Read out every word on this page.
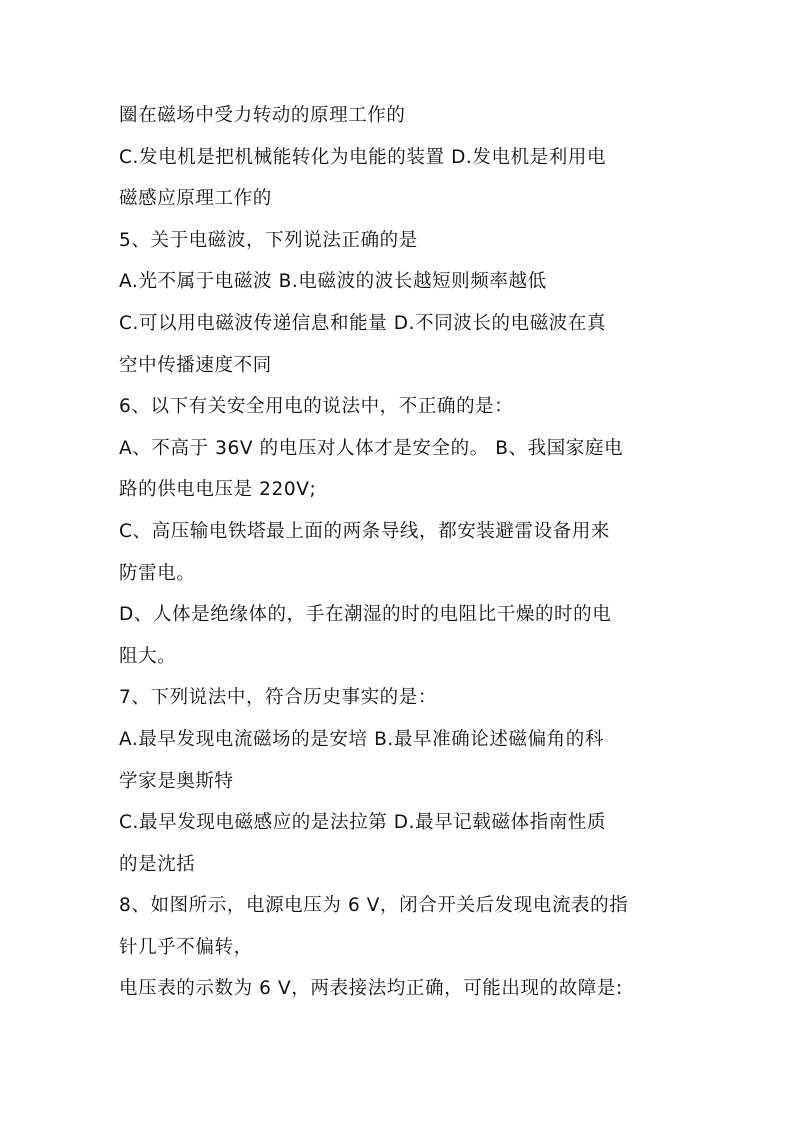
圈在磁场中受力转动的原理工作的
C.发电机是把机械能转化为电能的装置 D.发电机是利用电
磁感应原理工作的
5、关于电磁波，下列说法正确的是
A.光不属于电磁波 B.电磁波的波长越短则频率越低
C.可以用电磁波传递信息和能量 D.不同波长的电磁波在真
空中传播速度不同
6、以下有关安全用电的说法中，不正确的是：
A、不高于 36V 的电压对人体才是安全的。 B、我国家庭电
路的供电电压是 220V;
C、高压输电铁塔最上面的两条导线，都安装避雷设备用来
防雷电。
D、人体是绝缘体的，手在潮湿的时的电阻比干燥的时的电
阻大。
7、下列说法中，符合历史事实的是：
A.最早发现电流磁场的是安培 B.最早准确论述磁偏角的科
学家是奥斯特
C.最早发现电磁感应的是法拉第 D.最早记载磁体指南性质
的是沈括
8、如图所示，电源电压为 6 V，闭合开关后发现电流表的指
针几乎不偏转，
电压表的示数为 6 V，两表接法均正确，可能出现的故障是:
